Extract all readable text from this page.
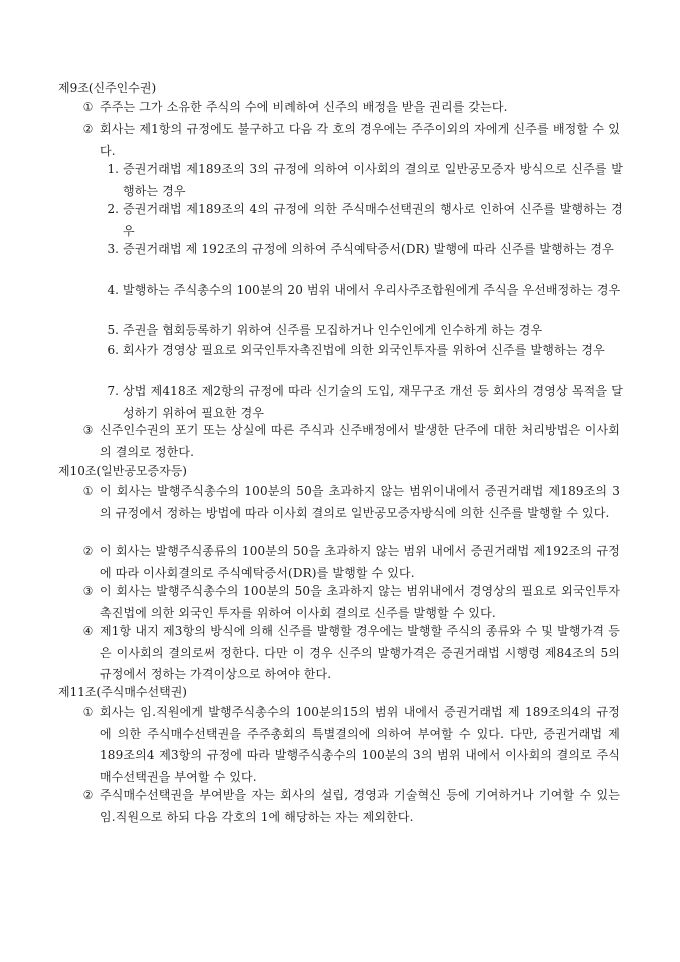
제9조(신주인수권)
① 주주는 그가 소유한 주식의 수에 비례하여 신주의 배정을 받을 권리를 갖는다.
② 회사는 제1항의 규정에도 불구하고 다음 각 호의 경우에는 주주이외의 자에게 신주를 배정할 수 있다.
1. 증권거래법 제189조의 3의 규정에 의하여 이사회의 결의로 일반공모증자 방식으로 신주를 발행하는 경우
2. 증권거래법 제189조의 4의 규정에 의한 주식매수선택권의 행사로 인하여 신주를 발행하는 경우
3. 증권거래법 제 192조의 규정에 의하여 주식예탁증서(DR) 발행에 따라 신주를 발행하는 경우
4. 발행하는 주식총수의 100분의 20 범위 내에서 우리사주조합원에게 주식을 우선배정하는 경우
5. 주권을 협회등록하기 위하여 신주를 모집하거나 인수인에게 인수하게 하는 경우
6. 회사가 경영상 필요로 외국인투자촉진법에 의한 외국인투자를 위하여 신주를 발행하는 경우
7. 상법 제418조 제2항의 규정에 따라 신기술의 도입, 재무구조 개선 등 회사의 경영상 목적을 달성하기 위하여 필요한 경우
③ 신주인수권의 포기 또는 상실에 따른 주식과 신주배정에서 발생한 단주에 대한 처리방법은 이사회의 결의로 정한다.
제10조(일반공모증자등)
① 이 회사는 발행주식총수의 100분의 50을 초과하지 않는 범위이내에서 증권거래법 제189조의 3의 규정에서 정하는 방법에 따라 이사회 결의로 일반공모증자방식에 의한 신주를 발행할 수 있다.
② 이 회사는 발행주식종류의 100분의 50을 초과하지 않는 범위 내에서 증권거래법 제192조의 규정에 따라 이사회결의로 주식예탁증서(DR)를 발행할 수 있다.
③ 이 회사는 발행주식총수의 100분의 50을 초과하지 않는 범위내에서 경영상의 필요로 외국인투자 촉진법에 의한 외국인 투자를 위하여 이사회 결의로 신주를 발행할 수 있다.
④ 제1항 내지 제3항의 방식에 의해 신주를 발행할 경우에는 발행할 주식의 종류와 수 및 발행가격 등은 이사회의 결의로써 정한다. 다만 이 경우 신주의 발행가격은 증권거래법 시행령 제84조의 5의 규정에서 정하는 가격이상으로 하여야 한다.
제11조(주식매수선택권)
① 회사는 임.직원에게 발행주식총수의 100분의15의 범위 내에서 증권거래법 제 189조의4의 규정에 의한 주식매수선택권을 주주총회의 특별결의에 의하여 부여할 수 있다. 다만, 증권거래법 제189조의4 제3항의 규정에 따라 발행주식총수의 100분의 3의 범위 내에서 이사회의 결의로 주식매수선택권을 부여할 수 있다.
② 주식매수선택권을 부여받을 자는 회사의 설립, 경영과 기술혁신 등에 기여하거나 기여할 수 있는 임.직원으로 하되 다음 각호의 1에 해당하는 자는 제외한다.
